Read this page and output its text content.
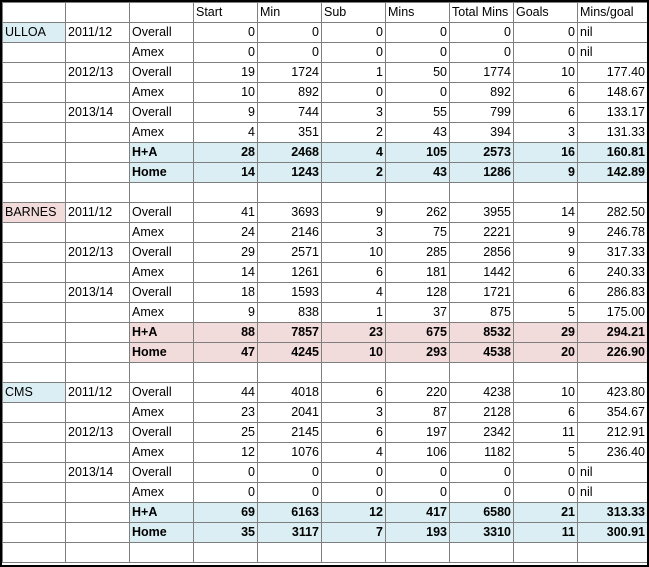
			Start	Min	Sub	Mins	Total Mins	Goals	Mins/goal
ULLOA	2011/12	Overall	0	0	0	0	0	0	nil
		Amex	0	0	0	0	0	0	nil
	2012/13	Overall	19	1724	1	50	1774	10	177.40
		Amex	10	892	0	0	892	6	148.67
	2013/14	Overall	9	744	3	55	799	6	133.17
		Amex	4	351	2	43	394	3	131.33
		H+A	28	2468	4	105	2573	16	160.81
		Home	14	1243	2	43	1286	9	142.89

BARNES	2011/12	Overall	41	3693	9	262	3955	14	282.50
		Amex	24	2146	3	75	2221	9	246.78
	2012/13	Overall	29	2571	10	285	2856	9	317.33
		Amex	14	1261	6	181	1442	6	240.33
	2013/14	Overall	18	1593	4	128	1721	6	286.83
		Amex	9	838	1	37	875	5	175.00
		H+A	88	7857	23	675	8532	29	294.21
		Home	47	4245	10	293	4538	20	226.90

CMS	2011/12	Overall	44	4018	6	220	4238	10	423.80
		Amex	23	2041	3	87	2128	6	354.67
	2012/13	Overall	25	2145	6	197	2342	11	212.91
		Amex	12	1076	4	106	1182	5	236.40
	2013/14	Overall	0	0	0	0	0	0	nil
		Amex	0	0	0	0	0	0	nil
		H+A	69	6163	12	417	6580	21	313.33
		Home	35	3117	7	193	3310	11	300.91
